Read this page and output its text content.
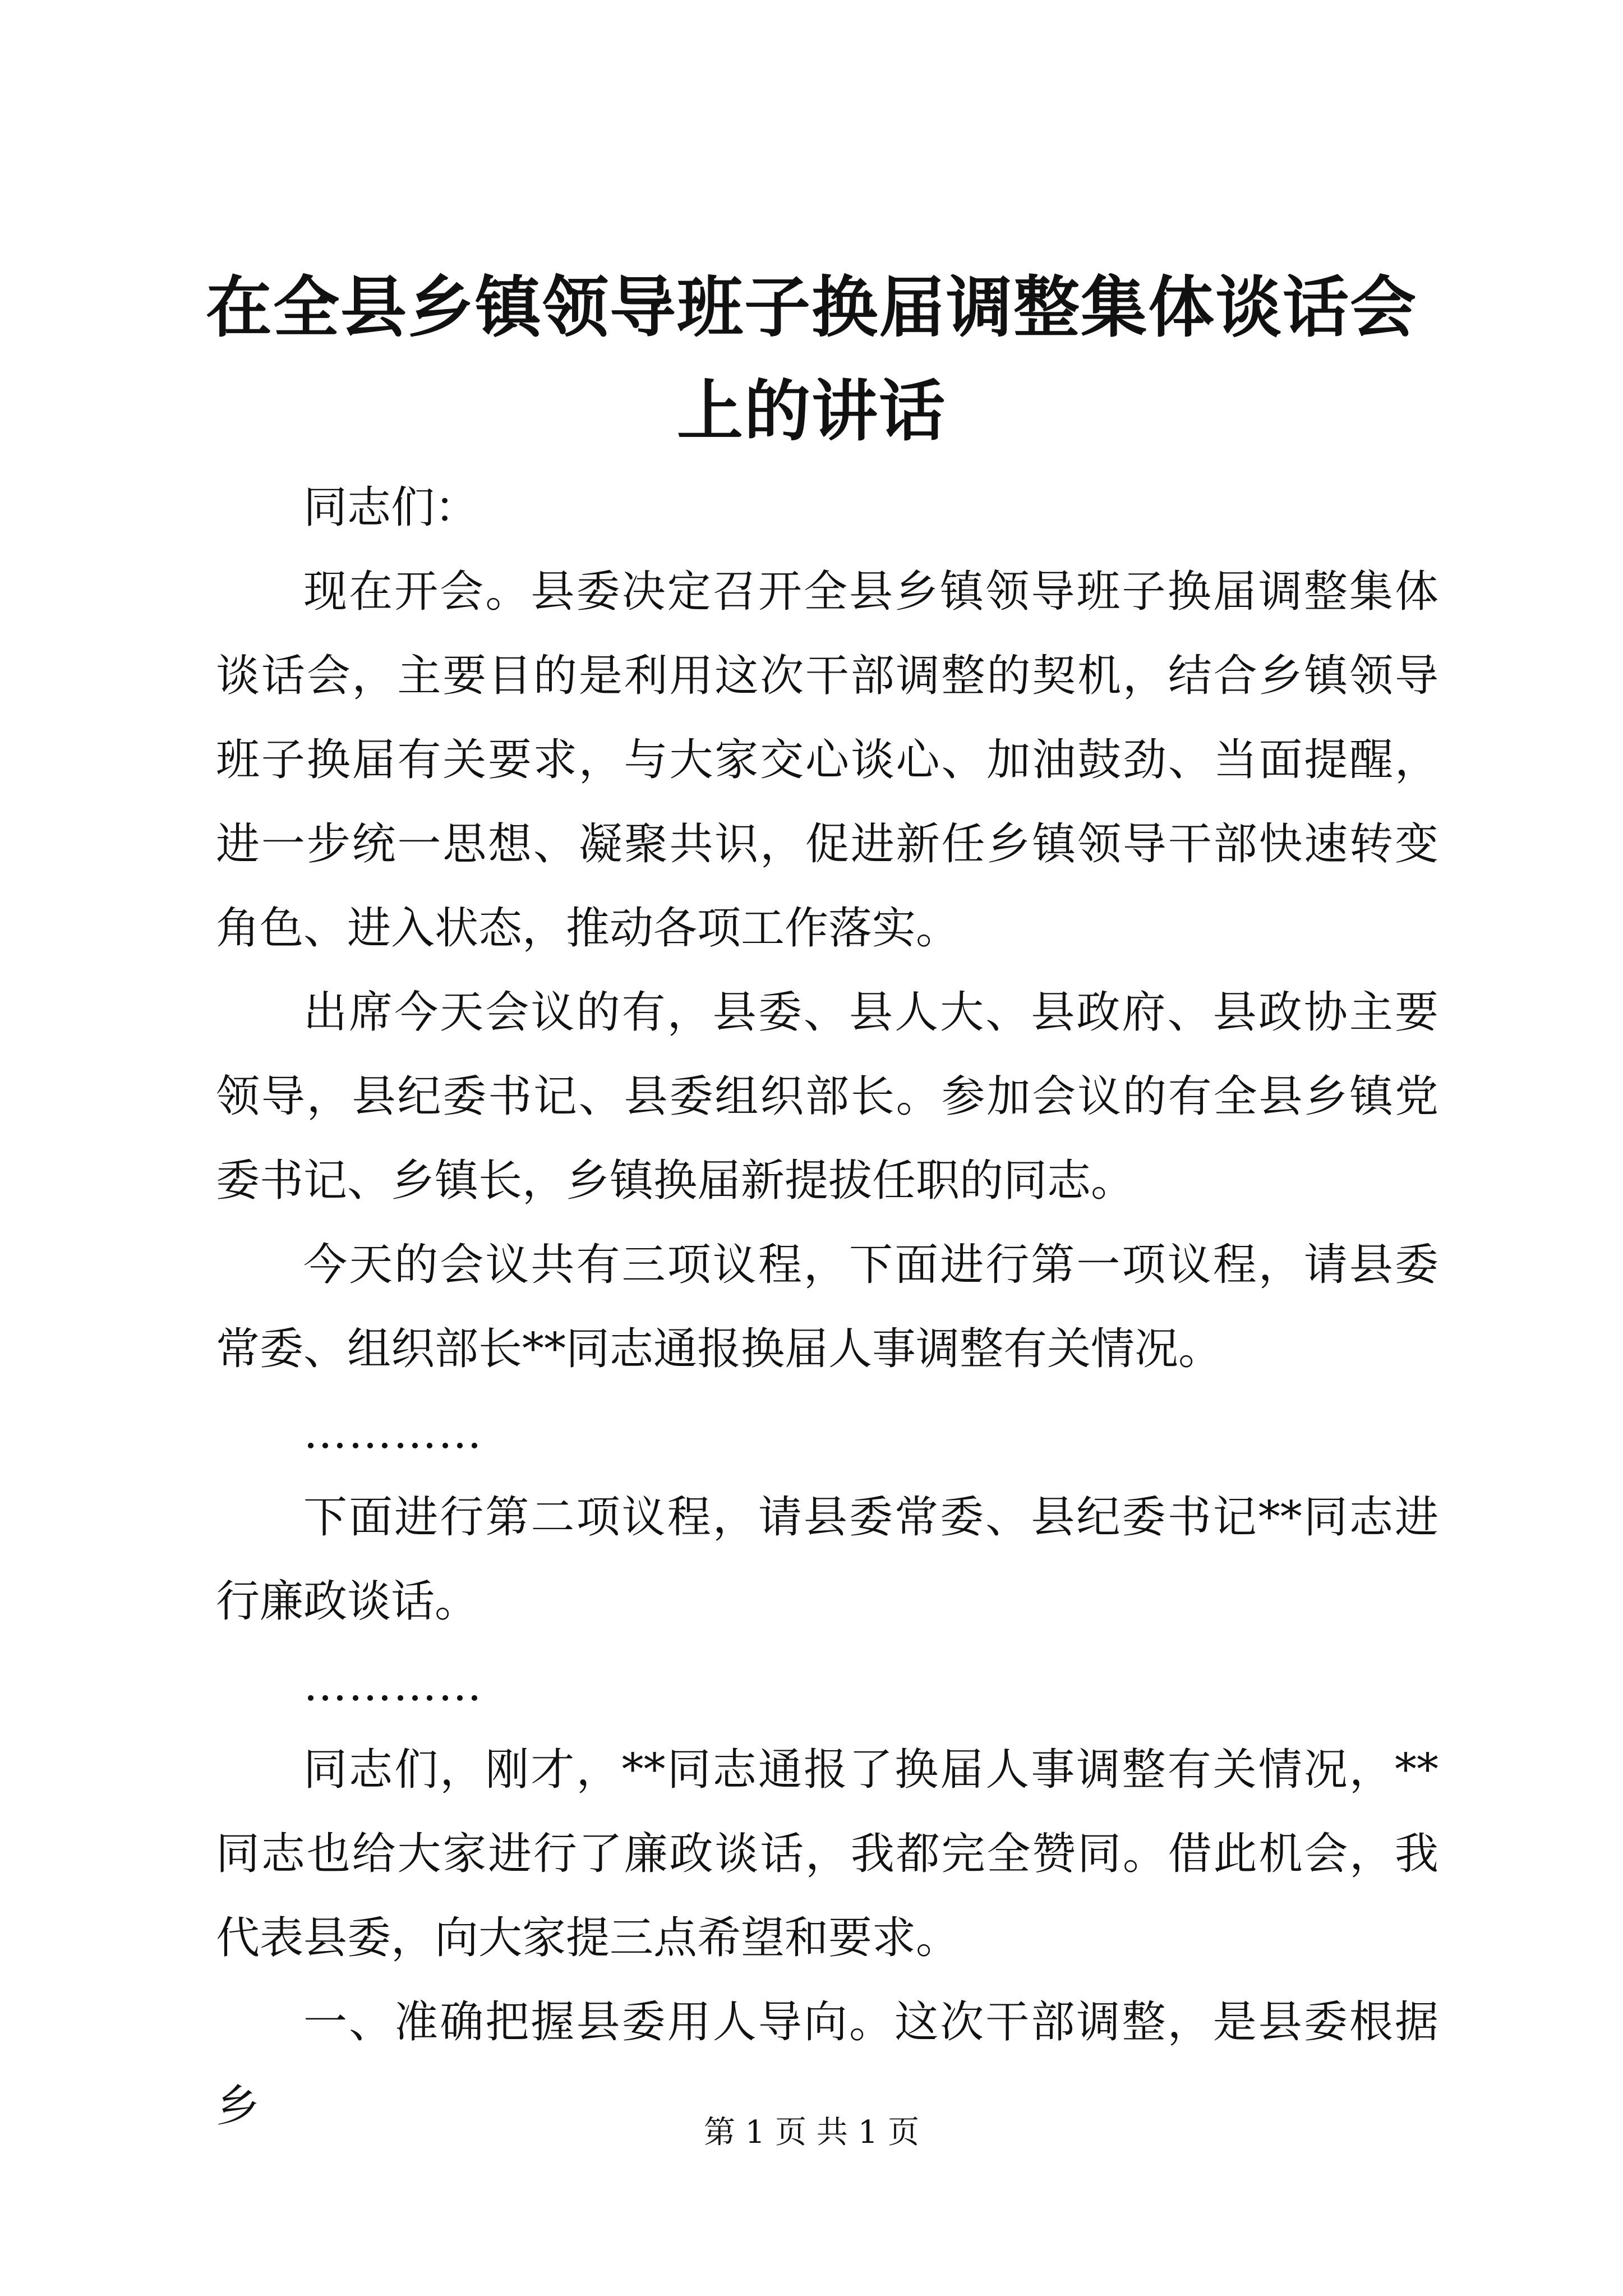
在全县乡镇领导班子换届调整集体谈话会上的讲话

同志们：

现在开会。县委决定召开全县乡镇领导班子换届调整集体谈话会，主要目的是利用这次干部调整的契机，结合乡镇领导班子换届有关要求，与大家交心谈心、加油鼓劲、当面提醒，进一步统一思想、凝聚共识，促进新任乡镇领导干部快速转变角色、进入状态，推动各项工作落实。

出席今天会议的有，县委、县人大、县政府、县政协主要领导，县纪委书记、县委组织部长。参加会议的有全县乡镇党委书记、乡镇长，乡镇换届新提拔任职的同志。

今天的会议共有三项议程，下面进行第一项议程，请县委常委、组织部长**同志通报换届人事调整有关情况。

…………

下面进行第二项议程，请县委常委、县纪委书记**同志进行廉政谈话。

…………

同志们，刚才，**同志通报了换届人事调整有关情况，**同志也给大家进行了廉政谈话，我都完全赞同。借此机会，我代表县委，向大家提三点希望和要求。

一、准确把握县委用人导向。这次干部调整，是县委根据乡

第 1 页 共 1 页
